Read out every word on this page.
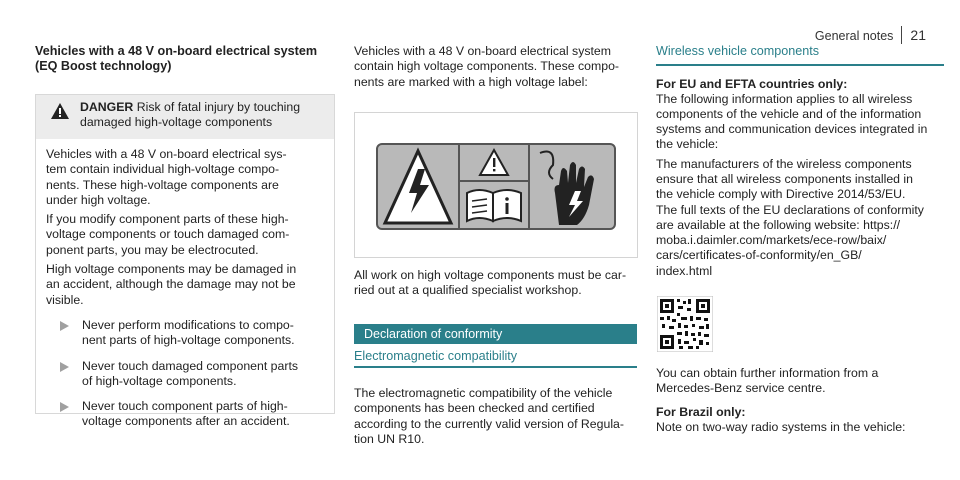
General notes 21
Vehicles with a 48 V on-board electrical system
(EQ Boost technology)
DANGER Risk of fatal injury by touching
damaged high-voltage components

Vehicles with a 48 V on-board electrical sys-
tem contain individual high-voltage compo-
nents. These high-voltage components are
under high voltage.

If you modify component parts of these high-
voltage components or touch damaged com-
ponent parts, you may be electrocuted.

High voltage components may be damaged in
an accident, although the damage may not be
visible.

Never perform modifications to compo-
nent parts of high-voltage components.
Never touch damaged component parts
of high-voltage components.
Never touch component parts of high-
voltage components after an accident.
Vehicles with a 48 V on-board electrical system
contain high voltage components. These compo-
nents are marked with a high voltage label:
All work on high voltage components must be car-
ried out at a qualified specialist workshop.
Declaration of conformity
Electromagnetic compatibility
The electromagnetic compatibility of the vehicle
components has been checked and certified
according to the currently valid version of Regula-
tion UN R10.
Wireless vehicle components
For EU and EFTA countries only:
The following information applies to all wireless
components of the vehicle and of the information
systems and communication devices integrated in
the vehicle:
The manufacturers of the wireless components
ensure that all wireless components installed in
the vehicle comply with Directive 2014/53/EU.
The full texts of the EU declarations of conformity
are available at the following website: https://
moba.i.daimler.com/markets/ece-row/baix/
cars/certificates-of-conformity/en_GB/
index.html
You can obtain further information from a
Mercedes-Benz service centre.
For Brazil only:
Note on two-way radio systems in the vehicle:
